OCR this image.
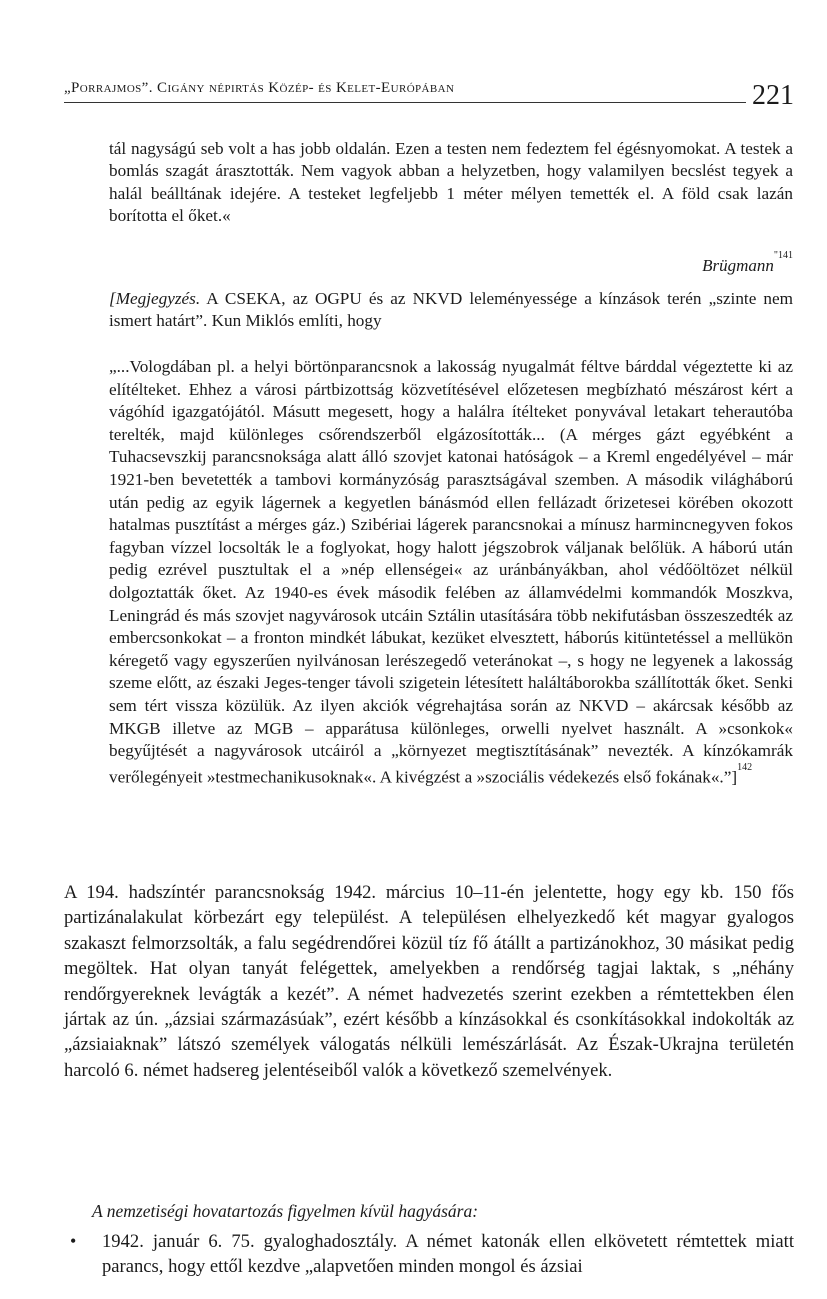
„Porrajmos”. Cigány népirtás Közép- és Kelet-Európában	221

tál nagyságú seb volt a has jobb oldalán. Ezen a testen nem fedeztem fel égésnyomokat. A testek a bomlás szagát árasztották. Nem vagyok abban a helyzetben, hogy valamilyen becslést tegyek a halál beálltának idejére. A testeket legfeljebb 1 méter mélyen temették el. A föld csak lazán borította el őket.«

Brügmann$^{"141}$

[Megjegyzés. A CSEKA, az OGPU és az NKVD leleményessége a kínzások terén „szinte nem ismert határt”. Kun Miklós említi, hogy

„...Vologdában pl. a helyi börtönparancsnok a lakosság nyugalmát féltve bárddal végeztette ki az elítélteket. Ehhez a városi pártbizottság közvetítésével előzetesen megbízható mészárost kért a vágóhíd igazgatójától. Másutt megesett, hogy a halálra ítélteket ponyvával letakart teherautóba terelték, majd különleges csőrendszerből elgázosították... (A mérges gázt egyébként a Tuhacsevszkij parancsnoksága alatt álló szovjet katonai hatóságok – a Kreml engedélyével – már 1921-ben bevetették a tambovi kormányzóság parasztságával szemben. A második világháború után pedig az egyik lágernek a kegyetlen bánásmód ellen fellázadt őrizetesei körében okozott hatalmas pusztítást a mérges gáz.) Szibériai lágerek parancsnokai a mínusz harmincnegyven fokos fagyban vízzel locsolták le a foglyokat, hogy halott jégszobrok váljanak belőlük. A háború után pedig ezrével pusztultak el a »nép ellenségei« az uránbányákban, ahol védőöltözet nélkül dolgoztatták őket. Az 1940-es évek második felében az államvédelmi kommandók Moszkva, Leningrád és más szovjet nagyvárosok utcáin Sztálin utasítására több nekifutásban összeszedték az embercsonkokat – a fronton mindkét lábukat, kezüket elvesztett, háborús kitüntetéssel a mellükön kéregető vagy egyszerűen nyilvánosan lerészegedő veteránokat –, s hogy ne legyenek a lakosság szeme előtt, az északi Jeges-tenger távoli szigetein létesített haláltáborokba szállították őket. Senki sem tért vissza közülük. Az ilyen akciók végrehajtása során az NKVD – akárcsak később az MKGB illetve az MGB – apparátusa különleges, orwelli nyelvet használt. A »csonkok« begyűjtését a nagyvárosok utcáiról a „környezet megtisztításának” nevezték. A kínzókamrák verőlegényeit »testmechanikusoknak«. A kivégzést a »szociális védekezés első fokának«.”]$^{142}$

A 194. hadszíntér parancsnokság 1942. március 10–11-én jelentette, hogy egy kb. 150 fős partizánalakulat körbezárt egy települést. A településen elhelyezkedő két magyar gyalogos szakaszt felmorzsolták, a falu segédrendőrei közül tíz fő átállt a partizánokhoz, 30 másikat pedig megöltek. Hat olyan tanyát felégettek, amelyekben a rendőrség tagjai laktak, s „néhány rendőrgyereknek levágták a kezét”. A német hadvezetés szerint ezekben a rémtettekben élen jártak az ún. „ázsiai származásúak”, ezért később a kínzásokkal és csonkításokkal indokolták az „ázsiaiaknak” látszó személyek válogatás nélküli lemészárlását. Az Észak-Ukrajna területén harcoló 6. német hadsereg jelentéseiből valók a következő szemelvények.

A nemzetiségi hovatartozás figyelmen kívül hagyására:
• 1942. január 6. 75. gyaloghadosztály. A német katonák ellen elkövetett rémtettek miatt parancs, hogy ettől kezdve „alapvetően minden mongol és ázsiai
